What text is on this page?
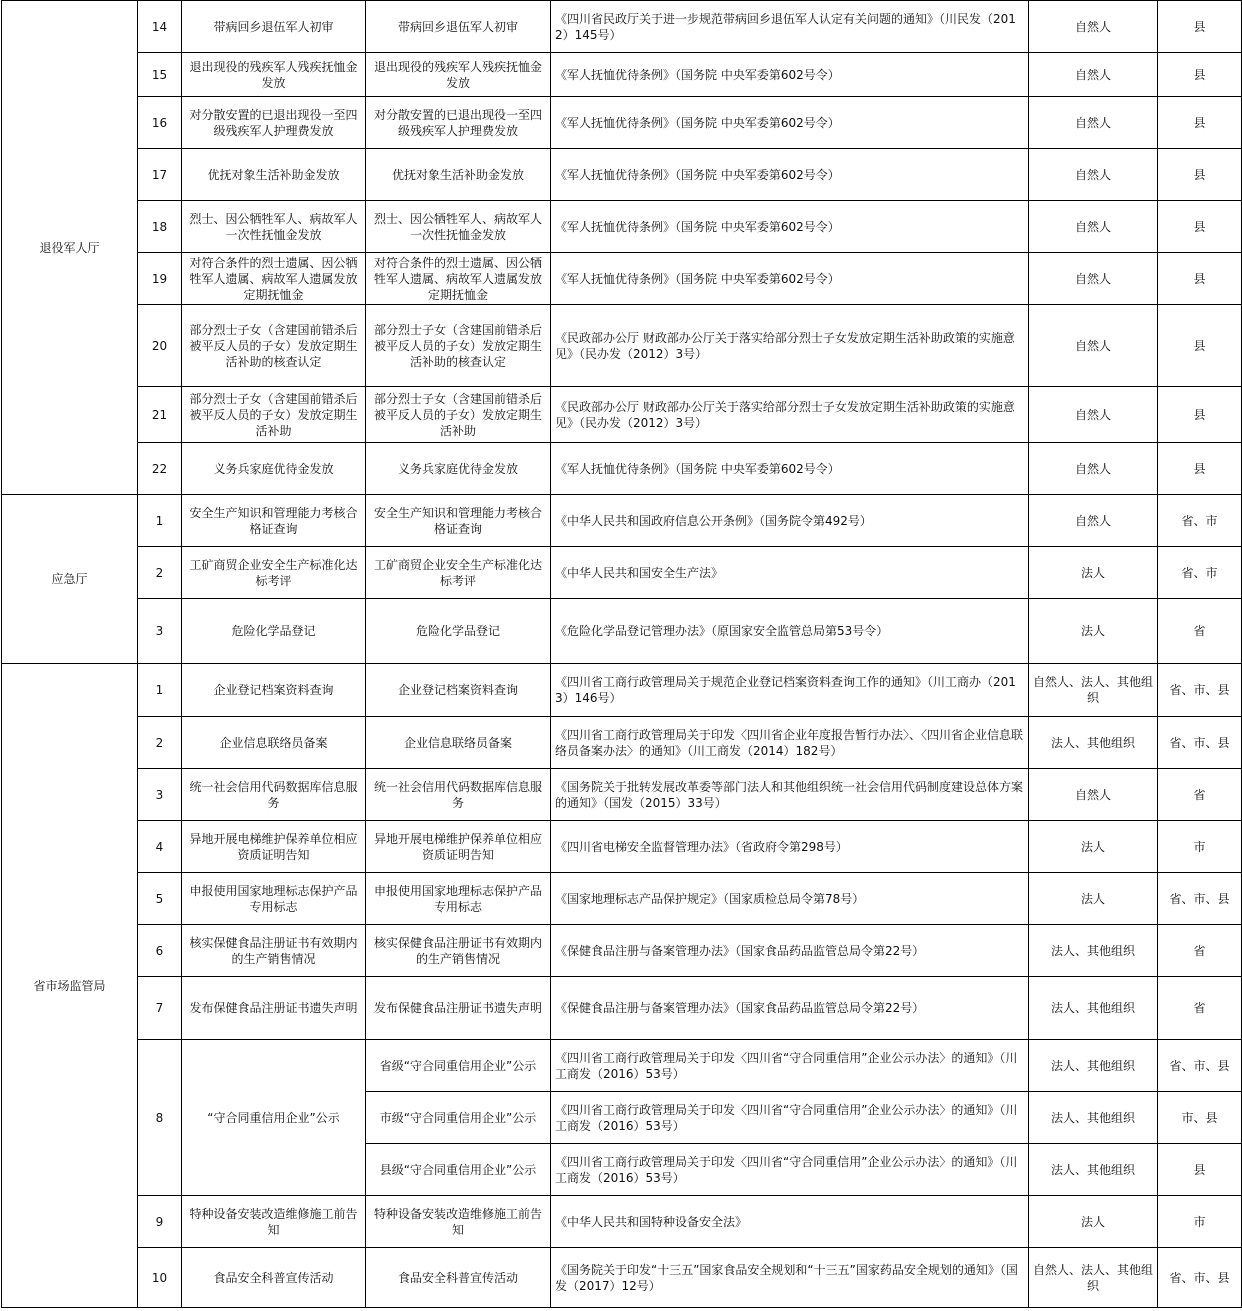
退役军人厅	14	带病回乡退伍军人初审	带病回乡退伍军人初审	《四川省民政厅关于进一步规范带病回乡退伍军人认定有关问题的通知》（川民发（2012）145号）	自然人	县
	15	退出现役的残疾军人残疾抚恤金发放	退出现役的残疾军人残疾抚恤金发放	《军人抚恤优待条例》（国务院 中央军委第602号令）	自然人	县
	16	对分散安置的已退出现役一至四级残疾军人护理费发放	对分散安置的已退出现役一至四级残疾军人护理费发放	《军人抚恤优待条例》（国务院 中央军委第602号令）	自然人	县
	17	优抚对象生活补助金发放	优抚对象生活补助金发放	《军人抚恤优待条例》（国务院 中央军委第602号令）	自然人	县
	18	烈士、因公牺牲军人、病故军人一次性抚恤金发放	烈士、因公牺牲军人、病故军人一次性抚恤金发放	《军人抚恤优待条例》（国务院 中央军委第602号令）	自然人	县
	19	对符合条件的烈士遗属、因公牺牲军人遗属、病故军人遗属发放定期抚恤金	对符合条件的烈士遗属、因公牺牲军人遗属、病故军人遗属发放定期抚恤金	《军人抚恤优待条例》（国务院 中央军委第602号令）	自然人	县
	20	部分烈士子女（含建国前错杀后被平反人员的子女）发放定期生活补助的核查认定	部分烈士子女（含建国前错杀后被平反人员的子女）发放定期生活补助的核查认定	《民政部办公厅 财政部办公厅关于落实给部分烈士子女发放定期生活补助政策的实施意见》（民办发（2012）3号）	自然人	县
	21	部分烈士子女（含建国前错杀后被平反人员的子女）发放定期生活补助	部分烈士子女（含建国前错杀后被平反人员的子女）发放定期生活补助	《民政部办公厅 财政部办公厅关于落实给部分烈士子女发放定期生活补助政策的实施意见》（民办发（2012）3号）	自然人	县
	22	义务兵家庭优待金发放	义务兵家庭优待金发放	《军人抚恤优待条例》（国务院 中央军委第602号令）	自然人	县
应急厅	1	安全生产知识和管理能力考核合格证查询	安全生产知识和管理能力考核合格证查询	《中华人民共和国政府信息公开条例》（国务院令第492号）	自然人	省、市
	2	工矿商贸企业安全生产标准化达标考评	工矿商贸企业安全生产标准化达标考评	《中华人民共和国安全生产法》	法人	省、市
	3	危险化学品登记	危险化学品登记	《危险化学品登记管理办法》（原国家安全监管总局第53号令）	法人	省
省市场监管局	1	企业登记档案资料查询	企业登记档案资料查询	《四川省工商行政管理局关于规范企业登记档案资料查询工作的通知》（川工商办（2013）146号）	自然人、法人、其他组织	省、市、县
	2	企业信息联络员备案	企业信息联络员备案	《四川省工商行政管理局关于印发〈四川省企业年度报告暂行办法〉、〈四川省企业信息联络员备案办法〉的通知》（川工商发（2014）182号）	法人、其他组织	省、市、县
	3	统一社会信用代码数据库信息服务	统一社会信用代码数据库信息服务	《国务院关于批转发展改革委等部门法人和其他组织统一社会信用代码制度建设总体方案的通知》（国发（2015）33号）	自然人	省
	4	异地开展电梯维护保养单位相应资质证明告知	异地开展电梯维护保养单位相应资质证明告知	《四川省电梯安全监督管理办法》（省政府令第298号）	法人	市
	5	申报使用国家地理标志保护产品专用标志	申报使用国家地理标志保护产品专用标志	《国家地理标志产品保护规定》（国家质检总局令第78号）	法人	省、市、县
	6	核实保健食品注册证书有效期内的生产销售情况	核实保健食品注册证书有效期内的生产销售情况	《保健食品注册与备案管理办法》（国家食品药品监管总局令第22号）	法人、其他组织	省
	7	发布保健食品注册证书遗失声明	发布保健食品注册证书遗失声明	《保健食品注册与备案管理办法》（国家食品药品监管总局令第22号）	法人、其他组织	省
	8	“守合同重信用企业”公示	省级“守合同重信用企业”公示	《四川省工商行政管理局关于印发〈四川省“守合同重信用”企业公示办法〉的通知》（川工商发（2016）53号）	法人、其他组织	省、市、县
			市级“守合同重信用企业”公示	《四川省工商行政管理局关于印发〈四川省“守合同重信用”企业公示办法〉的通知》（川工商发（2016）53号）	法人、其他组织	市、县
			县级“守合同重信用企业”公示	《四川省工商行政管理局关于印发〈四川省“守合同重信用”企业公示办法〉的通知》（川工商发（2016）53号）	法人、其他组织	县
	9	特种设备安装改造维修施工前告知	特种设备安装改造维修施工前告知	《中华人民共和国特种设备安全法》	法人	市
	10	食品安全科普宣传活动	食品安全科普宣传活动	《国务院关于印发“十三五”国家食品安全规划和“十三五”国家药品安全规划的通知》（国发（2017）12号）	自然人、法人、其他组织	省、市、县
